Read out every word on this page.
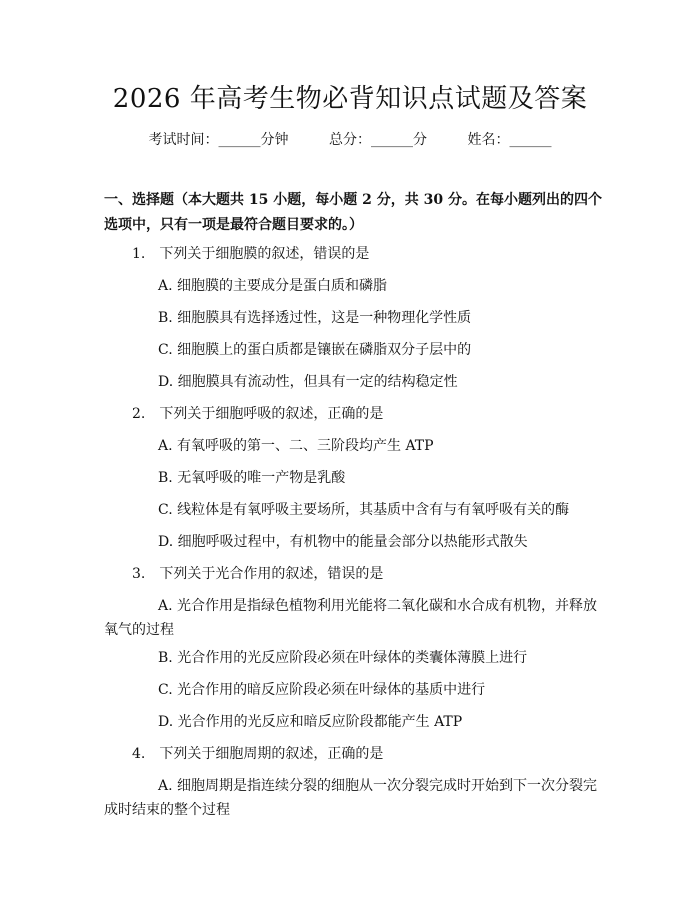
2026 年高考生物必背知识点试题及答案
考试时间：______分钟	总分：______分	姓名：______
一、选择题（本大题共 15 小题，每小题 2 分，共 30 分。在每小题列出的四个选项中，只有一项是最符合题目要求的。）
1.　下列关于细胞膜的叙述，错误的是
A. 细胞膜的主要成分是蛋白质和磷脂
B. 细胞膜具有选择透过性，这是一种物理化学性质
C. 细胞膜上的蛋白质都是镶嵌在磷脂双分子层中的
D. 细胞膜具有流动性，但具有一定的结构稳定性
2.　下列关于细胞呼吸的叙述，正确的是
A. 有氧呼吸的第一、二、三阶段均产生 ATP
B. 无氧呼吸的唯一产物是乳酸
C. 线粒体是有氧呼吸主要场所，其基质中含有与有氧呼吸有关的酶
D. 细胞呼吸过程中，有机物中的能量会部分以热能形式散失
3.　下列关于光合作用的叙述，错误的是
A. 光合作用是指绿色植物利用光能将二氧化碳和水合成有机物，并释放氧气的过程
B. 光合作用的光反应阶段必须在叶绿体的类囊体薄膜上进行
C. 光合作用的暗反应阶段必须在叶绿体的基质中进行
D. 光合作用的光反应和暗反应阶段都能产生 ATP
4.　下列关于细胞周期的叙述，正确的是
A. 细胞周期是指连续分裂的细胞从一次分裂完成时开始到下一次分裂完成时结束的整个过程
